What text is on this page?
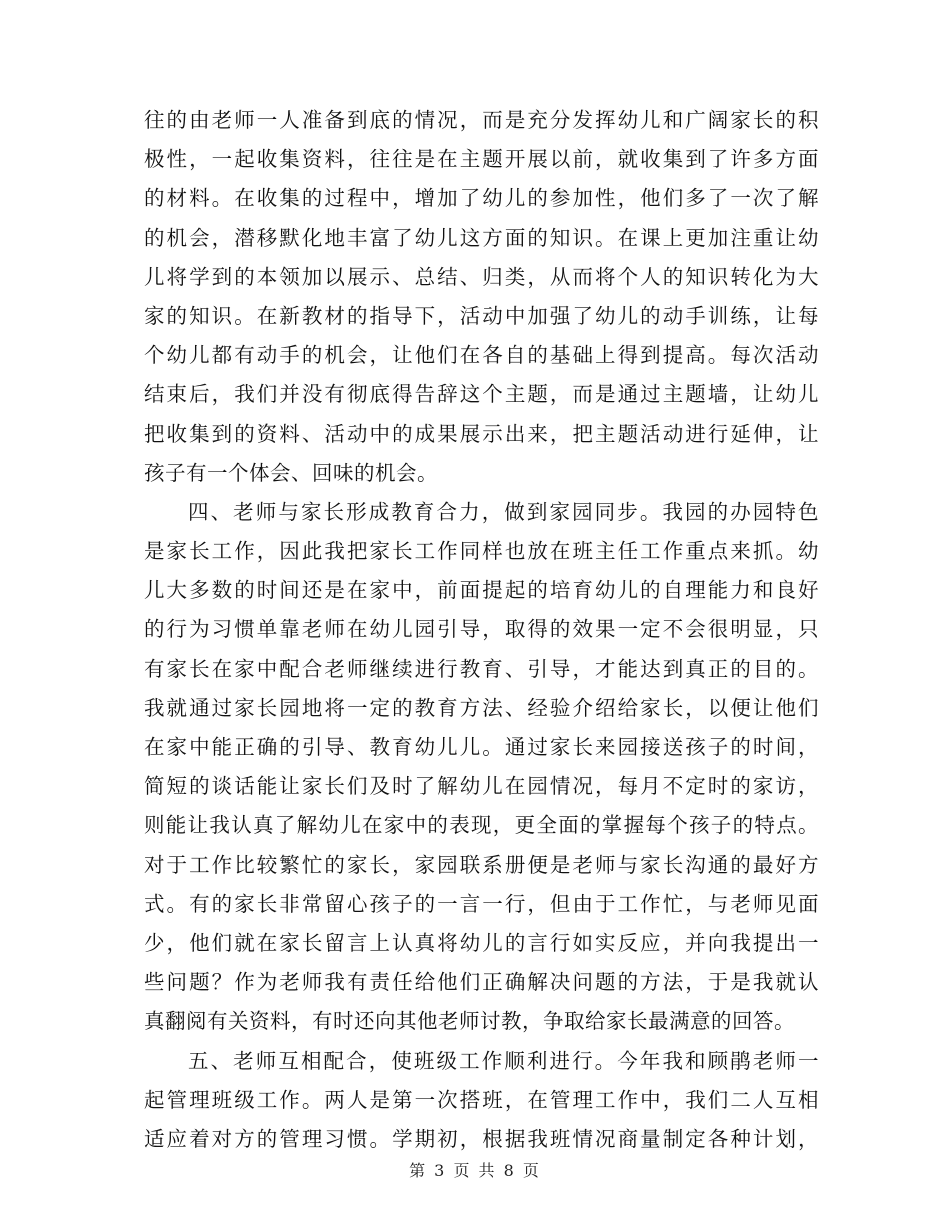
往的由老师一人准备到底的情况，而是充分发挥幼儿和广阔家长的积
极性，一起收集资料，往往是在主题开展以前，就收集到了许多方面
的材料。在收集的过程中，增加了幼儿的参加性，他们多了一次了解
的机会，潜移默化地丰富了幼儿这方面的知识。在课上更加注重让幼
儿将学到的本领加以展示、总结、归类，从而将个人的知识转化为大
家的知识。在新教材的指导下，活动中加强了幼儿的动手训练，让每
个幼儿都有动手的机会，让他们在各自的基础上得到提高。每次活动
结束后，我们并没有彻底得告辞这个主题，而是通过主题墙，让幼儿
把收集到的资料、活动中的成果展示出来，把主题活动进行延伸，让
孩子有一个体会、回味的机会。
四、老师与家长形成教育合力，做到家园同步。我园的办园特色
是家长工作，因此我把家长工作同样也放在班主任工作重点来抓。幼
儿大多数的时间还是在家中，前面提起的培育幼儿的自理能力和良好
的行为习惯单靠老师在幼儿园引导，取得的效果一定不会很明显，只
有家长在家中配合老师继续进行教育、引导，才能达到真正的目的。
我就通过家长园地将一定的教育方法、经验介绍给家长，以便让他们
在家中能正确的引导、教育幼儿儿。通过家长来园接送孩子的时间，
简短的谈话能让家长们及时了解幼儿在园情况，每月不定时的家访，
则能让我认真了解幼儿在家中的表现，更全面的掌握每个孩子的特点。
对于工作比较繁忙的家长，家园联系册便是老师与家长沟通的最好方
式。有的家长非常留心孩子的一言一行，但由于工作忙，与老师见面
少，他们就在家长留言上认真将幼儿的言行如实反应，并向我提出一
些问题？作为老师我有责任给他们正确解决问题的方法，于是我就认
真翻阅有关资料，有时还向其他老师讨教，争取给家长最满意的回答。
五、老师互相配合，使班级工作顺利进行。今年我和顾鹃老师一
起管理班级工作。两人是第一次搭班，在管理工作中，我们二人互相
适应着对方的管理习惯。学期初，根据我班情况商量制定各种计划，
第 3 页 共 8 页
